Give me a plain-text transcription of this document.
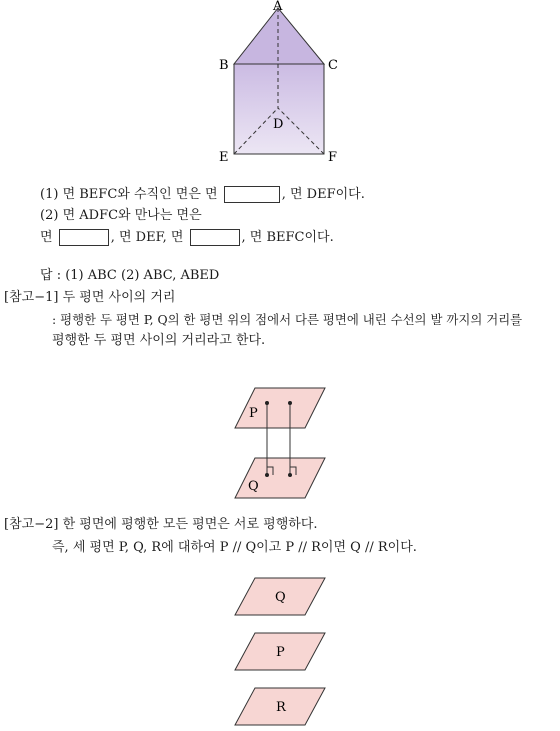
A
B	C
D
E	F
(1) 면 BEFC와 수직인 면은 면	, 면 DEF이다.
(2) 면 ADFC와 만나는 면은
면	, 면 DEF, 면	, 면 BEFC이다.
답 : (1) ABC (2) ABC, ABED
[참고−1] 두 평면 사이의 거리
: 평행한 두 평면 P, Q의 한 평면 위의 점에서 다른 평면에 내린 수선의 발 까지의 거리를
평행한 두 평면 사이의 거리라고 한다.
P
Q
[참고−2] 한 평면에 평행한 모든 평면은 서로 평행하다.
즉, 세 평면 P, Q, R에 대하여 P // Q이고 P // R이면 Q // R이다.
Q
P
R
